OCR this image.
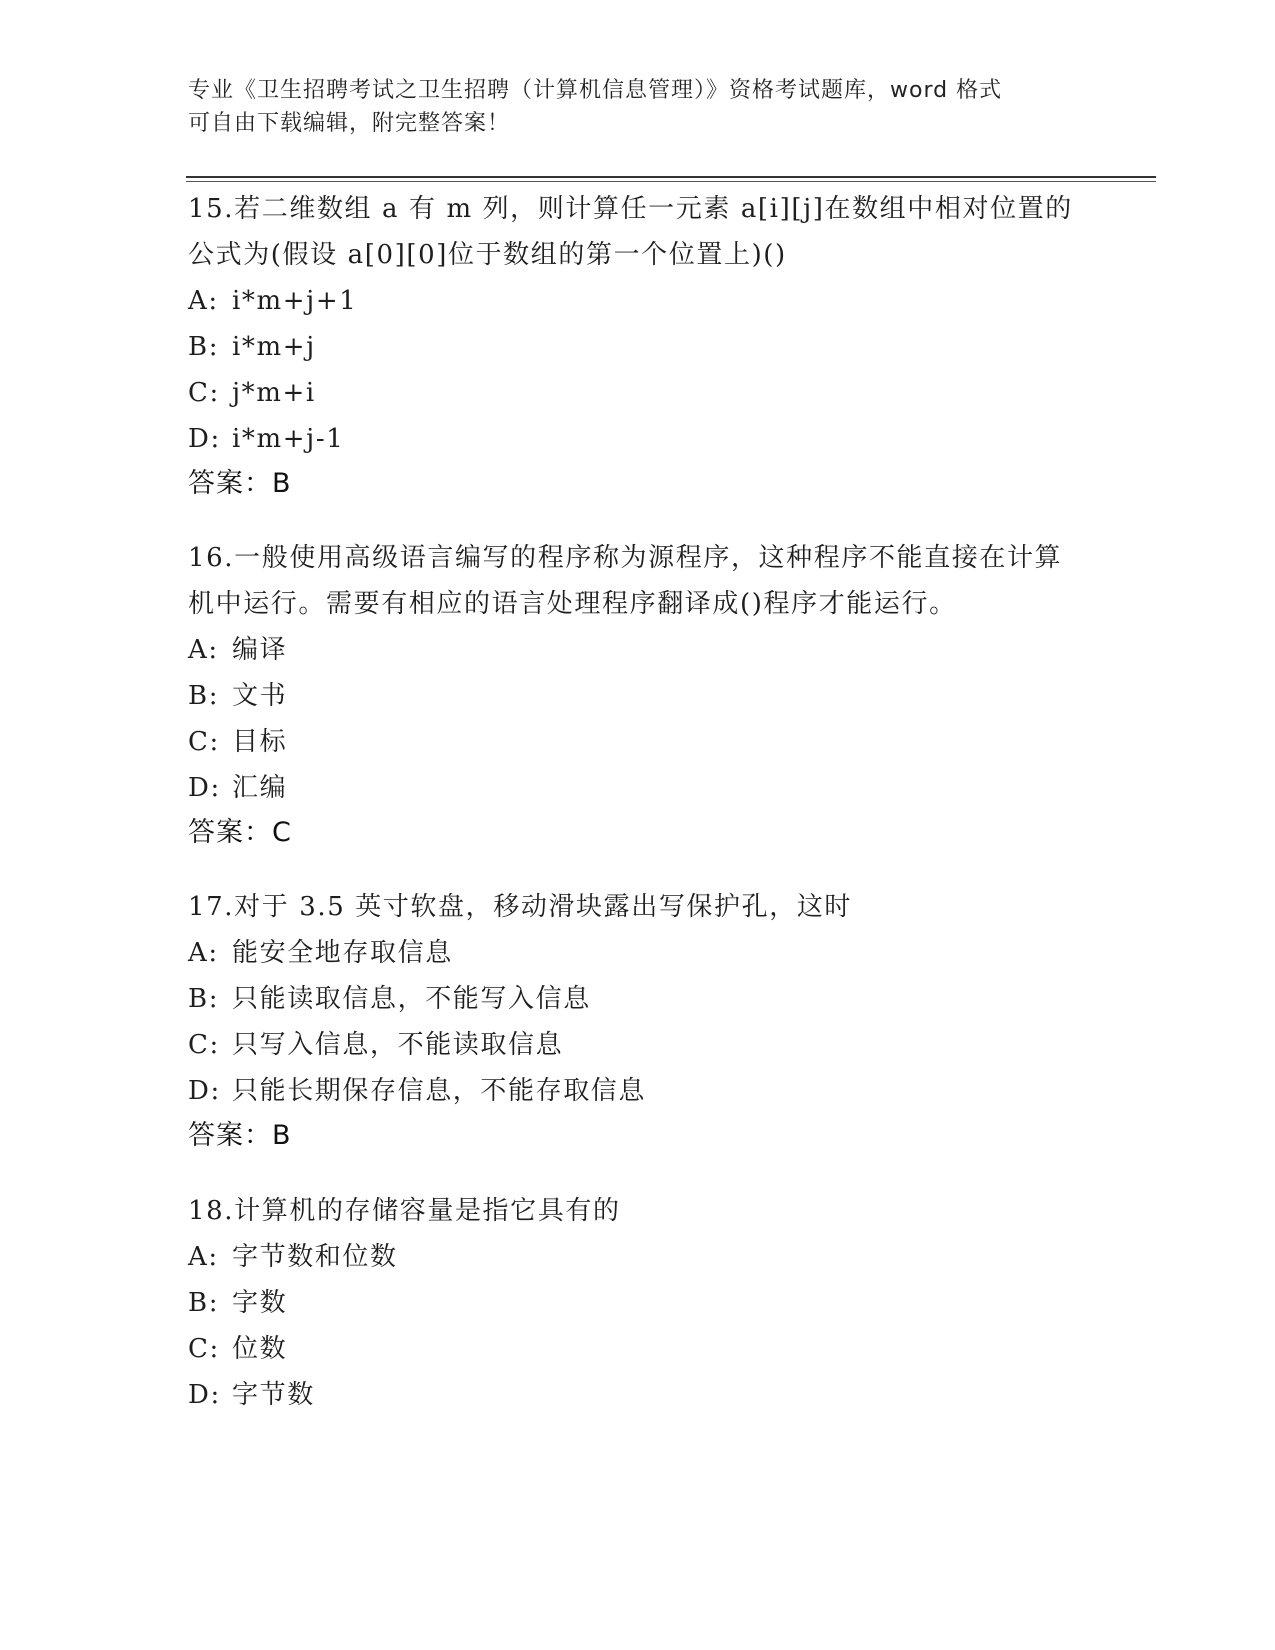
专业《卫生招聘考试之卫生招聘（计算机信息管理）》资格考试题库，word 格式
可自由下载编辑，附完整答案！
15.若二维数组 a 有 m 列，则计算任一元素 a[i][j]在数组中相对位置的公式为(假设 a[0][0]位于数组的第一个位置上)()
A: i*m+j+1
B: i*m+j
C: j*m+i
D: i*m+j-1
答案：B
16.一般使用高级语言编写的程序称为源程序，这种程序不能直接在计算机中运行。需要有相应的语言处理程序翻译成()程序才能运行。
A: 编译
B: 文书
C: 目标
D: 汇编
答案：C
17.对于 3.5 英寸软盘，移动滑块露出写保护孔，这时
A: 能安全地存取信息
B: 只能读取信息，不能写入信息
C: 只写入信息，不能读取信息
D: 只能长期保存信息，不能存取信息
答案：B
18.计算机的存储容量是指它具有的
A: 字节数和位数
B: 字数
C: 位数
D: 字节数
